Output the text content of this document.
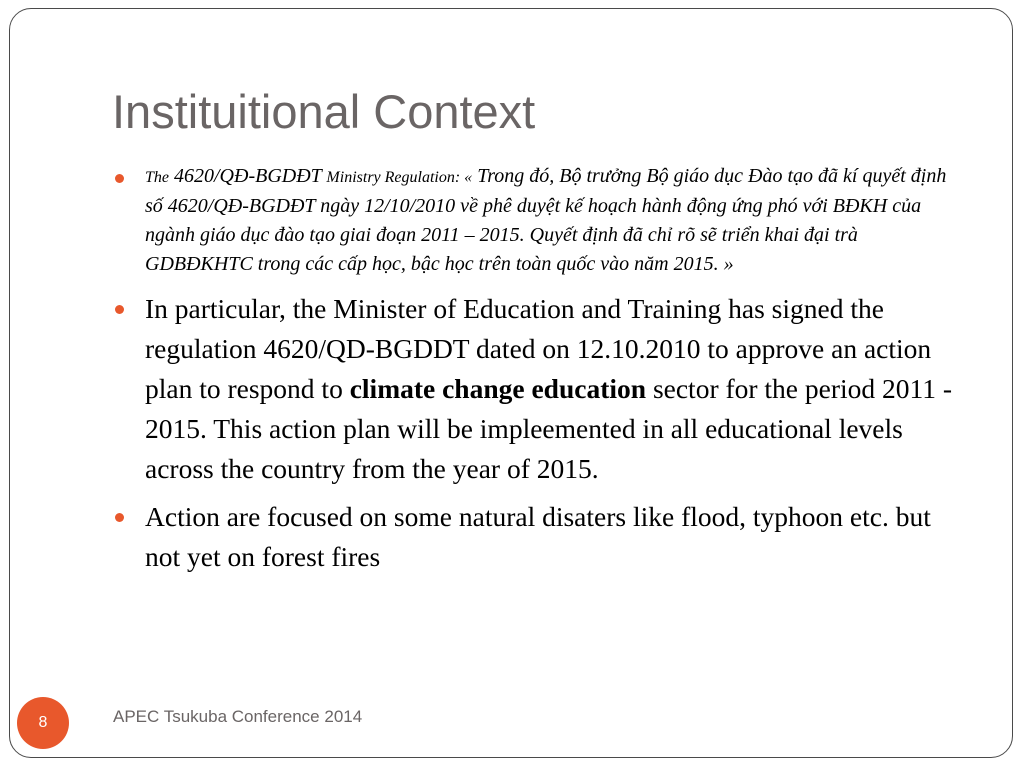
Instituitional Context
The 4620/QĐ-BGDĐT Ministry Regulation: « Trong đó, Bộ trưởng Bộ giáo dục Đào tạo đã kí quyết định số 4620/QĐ-BGDĐT ngày 12/10/2010 về phê duyệt kế hoạch hành động ứng phó với BĐKH của ngành giáo dục đào tạo giai đoạn 2011 – 2015. Quyết định đã chỉ rõ sẽ triển khai đại trà GDBĐKHTC trong các cấp học, bậc học trên toàn quốc vào năm 2015. »
In particular, the Minister of Education and Training has signed the regulation 4620/QD-BGDDT dated on 12.10.2010 to approve an action plan to respond to climate change education sector for the period 2011 - 2015. This action plan will be impleemented in all educational levels across the country from the year of 2015.
Action are focused on some natural disaters like flood, typhoon etc. but not yet on forest fires
8	APEC Tsukuba Conference 2014
